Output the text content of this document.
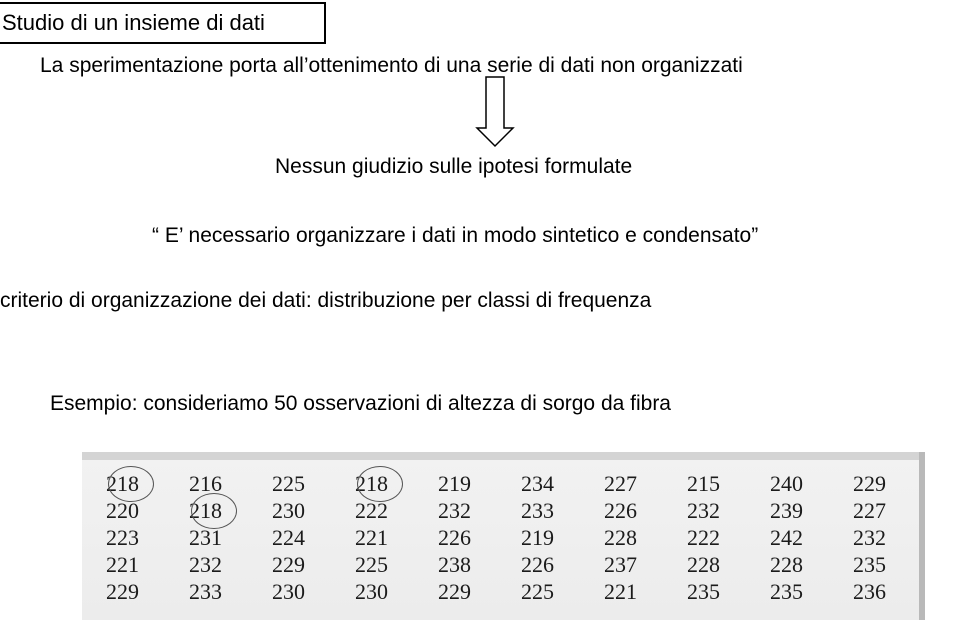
Studio di un insieme di dati
La sperimentazione porta all’ottenimento di una serie di dati non organizzati
Nessun giudizio sulle ipotesi formulate
“ E’ necessario organizzare i dati in modo sintetico e condensato”
criterio di organizzazione dei dati: distribuzione per classi di frequenza
Esempio: consideriamo 50 osservazioni di altezza di sorgo da fibra
218	216	225	218	219	234	227	215	240	229
220	218	230	222	232	233	226	232	239	227
223	231	224	221	226	219	228	222	242	232
221	232	229	225	238	226	237	228	228	235
229	233	230	230	229	225	221	235	235	236
